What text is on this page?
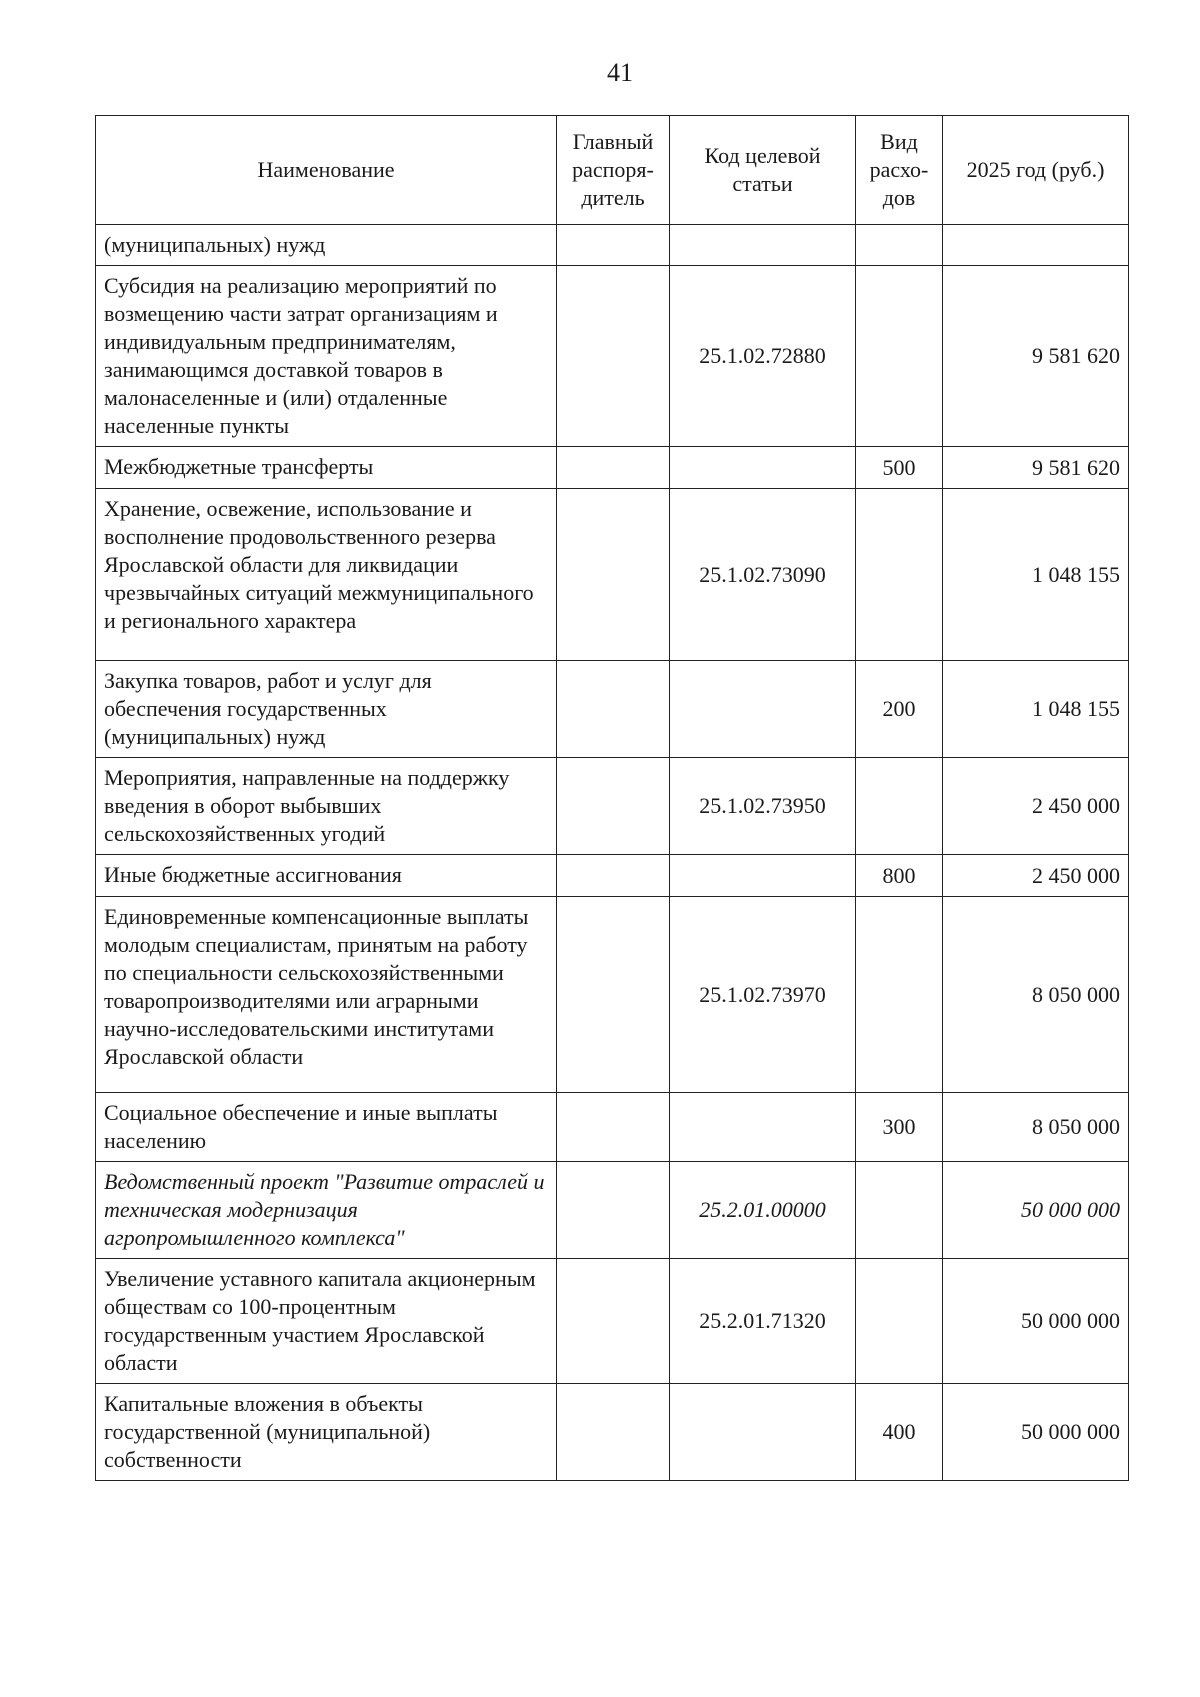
41
Наименование	Главный распоря-дитель	Код целевой статьи	Вид расхо-дов	2025 год (руб.)
(муниципальных) нужд				
Субсидия на реализацию мероприятий по возмещению части затрат организациям и индивидуальным предпринимателям, занимающимся доставкой товаров в малонаселенные и (или) отдаленные населенные пункты		25.1.02.72880		9 581 620
Межбюджетные трансферты			500	9 581 620
Хранение, освежение, использование и восполнение продовольственного резерва Ярославской области для ликвидации чрезвычайных ситуаций межмуниципального и регионального характера		25.1.02.73090		1 048 155
Закупка товаров, работ и услуг для обеспечения государственных (муниципальных) нужд			200	1 048 155
Мероприятия, направленные на поддержку введения в оборот выбывших сельскохозяйственных угодий		25.1.02.73950		2 450 000
Иные бюджетные ассигнования			800	2 450 000
Единовременные компенсационные выплаты молодым специалистам, принятым на работу по специальности сельскохозяйственными товаропроизводителями или аграрными научно-исследовательскими институтами Ярославской области		25.1.02.73970		8 050 000
Социальное обеспечение и иные выплаты населению			300	8 050 000
Ведомственный проект "Развитие отраслей и техническая модернизация агропромышленного комплекса"		25.2.01.00000		50 000 000
Увеличение уставного капитала акционерным обществам со 100-процентным государственным участием Ярославской области		25.2.01.71320		50 000 000
Капитальные вложения в объекты государственной (муниципальной) собственности			400	50 000 000
